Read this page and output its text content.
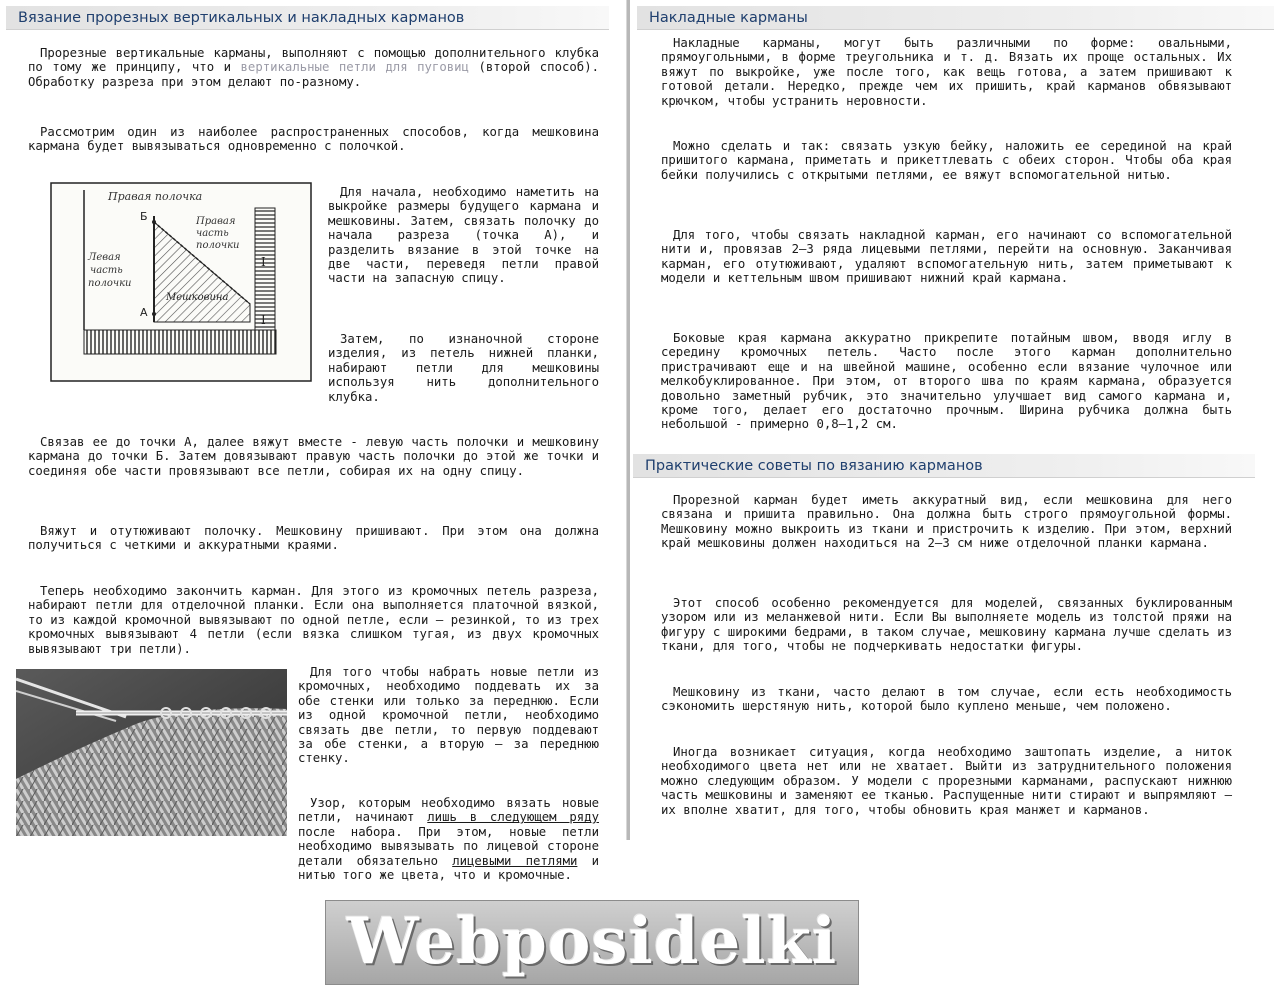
Вязание прорезных вертикальных и накладных карманов

Прорезные вертикальные карманы, выполняют с помощью дополнительного клубка по тому же принципу, что и вертикальные петли для пуговиц (второй способ). Обработку разреза при этом делают по-разному.

Рассмотрим один из наиболее распространенных способов, когда мешковина кармана будет вывязываться одновременно с полочкой.

Правая полочка
Правая часть полочки
Левая часть полочки
Мешковина
А
Б
I
I

Для начала, необходимо наметить на выкройке размеры будущего кармана и мешковины. Затем, связать полочку до начала разреза (точка А), и разделить вязание в этой точке на две части, переведя петли правой части на запасную спицу.

Затем, по изнаночной стороне изделия, из петель нижней планки, набирают петли для мешковины используя нить дополнительного клубка.

Связав ее до точки А, далее вяжут вместе - левую часть полочки и мешковину кармана до точки Б. Затем довязывают правую часть полочки до этой же точки и соединяя обе части провязывают все петли, собирая их на одну спицу.

Вяжут и отутюживают полочку. Мешковину пришивают. При этом она должна получиться с четкими и аккуратными краями.

Теперь необходимо закончить карман. Для этого из кромочных петель разреза, набирают петли для отделочной планки. Если она выполняется платочной вязкой, то из каждой кромочной вывязывают по одной петле, если — резинкой, то из трех кромочных вывязывают 4 петли (если вязка слишком тугая, из двух кромочных вывязывают три петли).

Для того чтобы набрать новые петли из кромочных, необходимо поддевать их за обе стенки или только за переднюю. Если из одной кромочной петли, необходимо связать две петли, то первую поддевают за обе стенки, а вторую — за переднюю стенку.

Узор, которым необходимо вязать новые петли, начинают лишь в следующем ряду после набора. При этом, новые петли необходимо вывязывать по лицевой стороне детали обязательно лицевыми петлями и нитью того же цвета, что и кромочные.

Накладные карманы

Накладные карманы, могут быть различными по форме: овальными, прямоугольными, в форме треугольника и т. д. Вязать их проще остальных. Их вяжут по выкройке, уже после того, как вещь готова, а затем пришивают к готовой детали. Нередко, прежде чем их пришить, край карманов обвязывают крючком, чтобы устранить неровности.

Можно сделать и так: связать узкую бейку, наложить ее серединой на край пришитого кармана, приметать и прикеттлевать с обеих сторон. Чтобы оба края бейки получились с открытыми петлями, ее вяжут вспомогательной нитью.

Для того, чтобы связать накладной карман, его начинают со вспомогательной нити и, провязав 2—3 ряда лицевыми петлями, перейти на основную. Заканчивая карман, его отутюживают, удаляют вспомогательную нить, затем приметывают к модели и кеттельным швом пришивают нижний край кармана.

Боковые края кармана аккуратно прикрепите потайным швом, вводя иглу в середину кромочных петель. Часто после этого карман дополнительно пристрачивают еще и на швейной машине, особенно если вязание чулочное или мелкобуклированное. При этом, от второго шва по краям кармана, образуется довольно заметный рубчик, это значительно улучшает вид самого кармана и, кроме того, делает его достаточно прочным. Ширина рубчика должна быть небольшой - примерно 0,8—1,2 см.

Практические советы по вязанию карманов

Прорезной карман будет иметь аккуратный вид, если мешковина для него связана и пришита правильно. Она должна быть строго прямоугольной формы. Мешковину можно выкроить из ткани и пристрочить к изделию. При этом, верхний край мешковины должен находиться на 2—3 см ниже отделочной планки кармана.

Этот способ особенно рекомендуется для моделей, связанных буклированным узором или из меланжевой нити. Если Вы выполняете модель из толстой пряжи на фигуру с широкими бедрами, в таком случае, мешковину кармана лучше сделать из ткани, для того, чтобы не подчеркивать недостатки фигуры.

Мешковину из ткани, часто делают в том случае, если есть необходимость сэкономить шерстяную нить, которой было куплено меньше, чем положено.

Иногда возникает ситуация, когда необходимо заштопать изделие, а ниток необходимого цвета нет или не хватает. Выйти из затруднительного положения можно следующим образом. У модели с прорезными карманами, распускают нижнюю часть мешковины и заменяют ее тканью. Распущенные нити стирают и выпрямляют — их вполне хватит, для того, чтобы обновить края манжет и карманов.

Webposidelki
